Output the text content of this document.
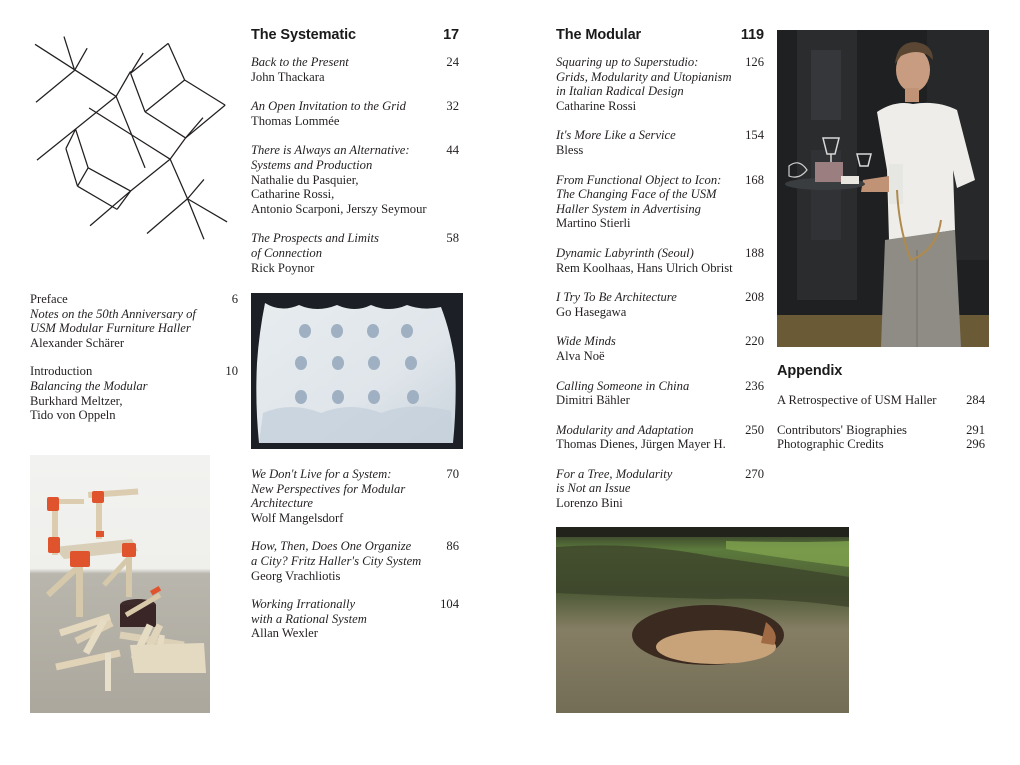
Preface	6
Notes on the 50th Anniversary of
USM Modular Furniture Haller
Alexander Schärer
Introduction	10
Balancing the Modular
Burkhard Meltzer,
Tido von Oppeln
The Systematic	17
Back to the Present	24
John Thackara
An Open Invitation to the Grid	32
Thomas Lommée
There is Always an Alternative:	44
Systems and Production
Nathalie du Pasquier,
Catharine Rossi,
Antonio Scarponi, Jerszy Seymour
The Prospects and Limits	58
of Connection
Rick Poynor
We Don't Live for a System:	70
New Perspectives for Modular
Architecture
Wolf Mangelsdorf
How, Then, Does One Organize	86
a City? Fritz Haller's City System
Georg Vrachliotis
Working Irrationally	104
with a Rational System
Allan Wexler
The Modular	119
Squaring up to Superstudio:	126
Grids, Modularity and Utopianism
in Italian Radical Design
Catharine Rossi
It's More Like a Service	154
Bless
From Functional Object to Icon:	168
The Changing Face of the USM
Haller System in Advertising
Martino Stierli
Dynamic Labyrinth (Seoul)	188
Rem Koolhaas, Hans Ulrich Obrist
I Try To Be Architecture	208
Go Hasegawa
Wide Minds	220
Alva Noë
Calling Someone in China	236
Dimitri Bähler
Modularity and Adaptation	250
Thomas Dienes, Jürgen Mayer H.
For a Tree, Modularity	270
is Not an Issue
Lorenzo Bini
Appendix
A Retrospective of USM Haller 284
Contributors' Biographies	291
Photographic Credits	296
